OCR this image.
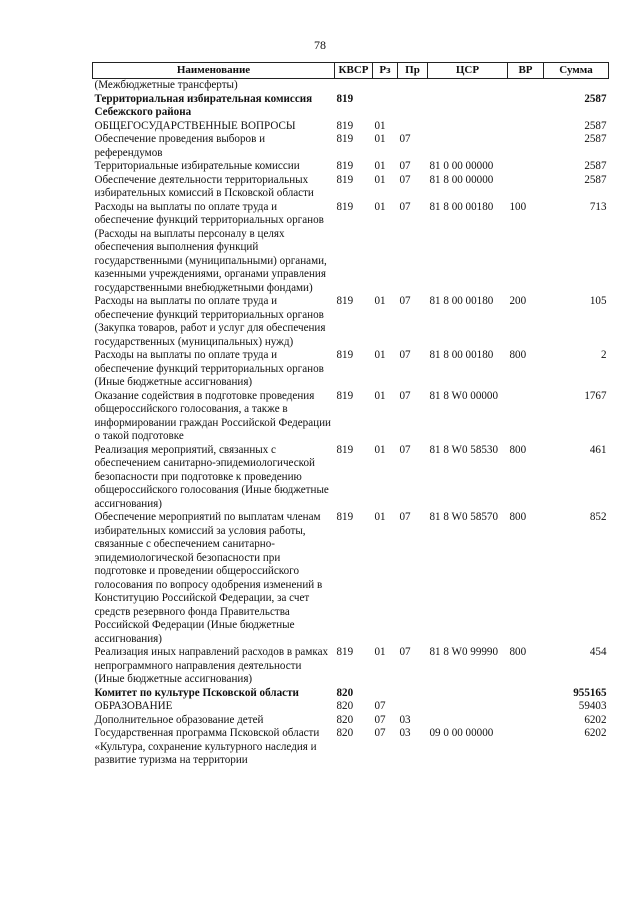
78
Наименование	КВСР	Рз	Пр	ЦСР	ВР	Сумма
(Межбюджетные трансферты)						
Территориальная избирательная комиссия Себежского района	819					2587
ОБЩЕГОСУДАРСТВЕННЫЕ ВОПРОСЫ	819	01				2587
Обеспечение проведения выборов и референдумов	819	01	07			2587
Территориальные избирательные комиссии	819	01	07	81 0 00 00000		2587
Обеспечение деятельности территориальных избирательных комиссий в Псковской области	819	01	07	81 8 00 00000		2587
Расходы на выплаты по оплате труда и обеспечение функций территориальных органов (Расходы на выплаты персоналу в целях обеспечения выполнения функций государственными (муниципальными) органами, казенными учреждениями, органами управления государственными внебюджетными фондами)	819	01	07	81 8 00 00180	100	713
Расходы на выплаты по оплате труда и обеспечение функций территориальных органов (Закупка товаров, работ и услуг для обеспечения государственных (муниципальных) нужд)	819	01	07	81 8 00 00180	200	105
Расходы на выплаты по оплате труда и обеспечение функций территориальных органов (Иные бюджетные ассигнования)	819	01	07	81 8 00 00180	800	2
Оказание содействия в подготовке проведения общероссийского голосования, а также в информировании граждан Российской Федерации о такой подготовке	819	01	07	81 8 W0 00000		1767
Реализация мероприятий, связанных с обеспечением санитарно-эпидемиологической безопасности при подготовке к проведению общероссийского голосования (Иные бюджетные ассигнования)	819	01	07	81 8 W0 58530	800	461
Обеспечение мероприятий по выплатам членам избирательных комиссий за условия работы, связанные с обеспечением санитарно-эпидемиологической безопасности при подготовке и проведении общероссийского голосования по вопросу одобрения изменений в Конституцию Российской Федерации, за счет средств резервного фонда Правительства Российской Федерации (Иные бюджетные ассигнования)	819	01	07	81 8 W0 58570	800	852
Реализация иных направлений расходов в рамках непрограммного направления деятельности (Иные бюджетные ассигнования)	819	01	07	81 8 W0 99990	800	454
Комитет по культуре Псковской области	820					955165
ОБРАЗОВАНИЕ	820	07				59403
Дополнительное образование детей	820	07	03			6202
Государственная программа Псковской области «Культура, сохранение культурного наследия и развитие туризма на территории	820	07	03	09 0 00 00000		6202
